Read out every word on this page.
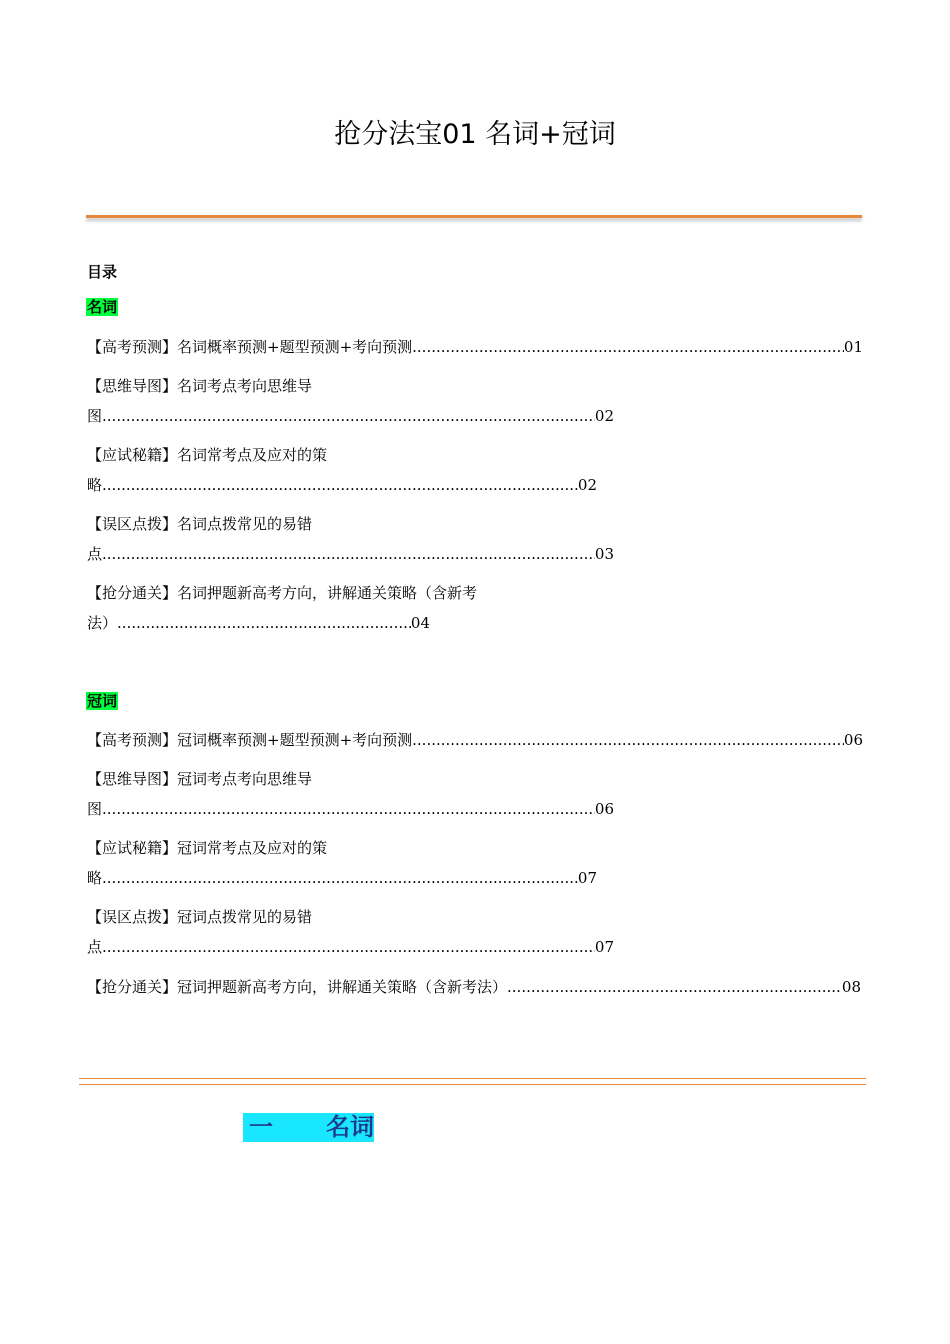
抢分法宝01 名词+冠词
目录
名词
【高考预测】名词概率预测+题型预测+考向预测 .....	01
【思维导图】名词考点考向思维导
图 .....	02
【应试秘籍】名词常考点及应对的策
略 .....	02
【误区点拨】名词点拨常见的易错
点 .....	03
【抢分通关】名词押题新高考方向，讲解通关策略（含新考
法） .....	04
冠词
【高考预测】冠词概率预测+题型预测+考向预测 .....	06
【思维导图】冠词考点考向思维导
图 .....	06
【应试秘籍】冠词常考点及应对的策
略 .....	07
【误区点拨】冠词点拨常见的易错
点 .....	07
【抢分通关】冠词押题新高考方向，讲解通关策略（含新考法） .....	08
一 名词
